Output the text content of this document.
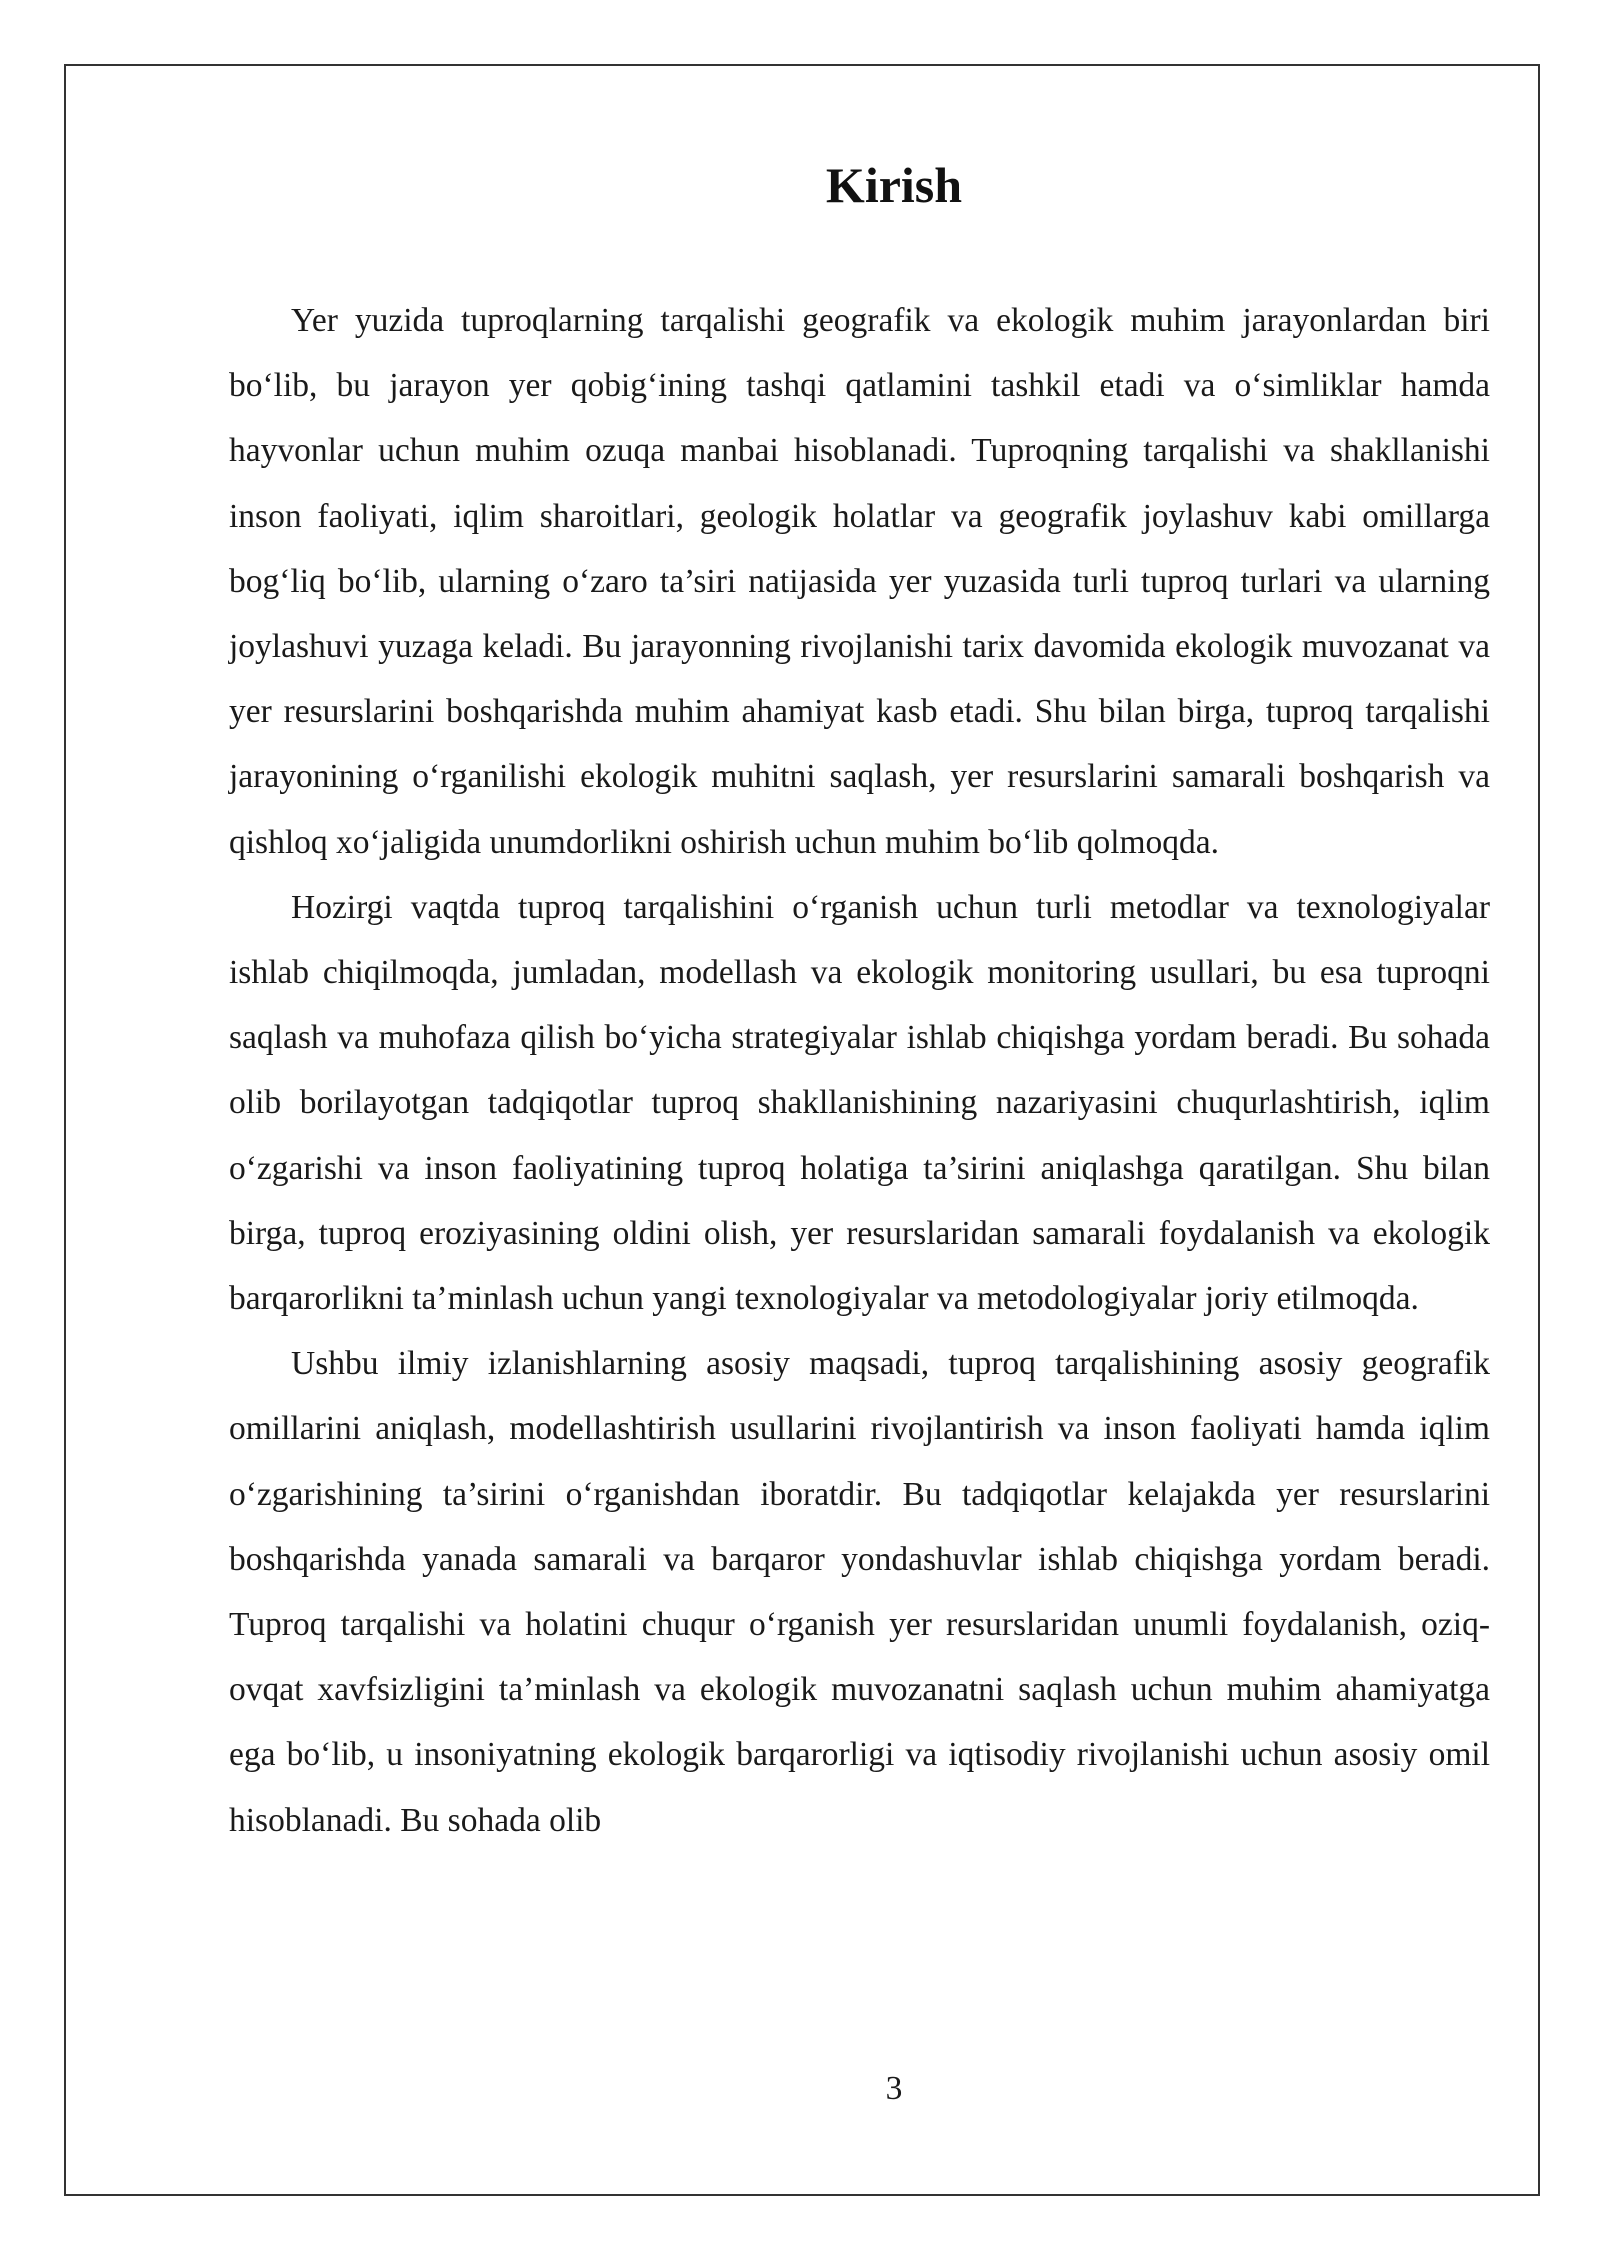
Kirish

Yer yuzida tuproqlarning tarqalishi geografik va ekologik muhim jarayonlardan biri bo‘lib, bu jarayon yer qobig‘ining tashqi qatlamini tashkil etadi va o‘simliklar hamda hayvonlar uchun muhim ozuqa manbai hisoblanadi. Tuproqning tarqalishi va shakllanishi inson faoliyati, iqlim sharoitlari, geologik holatlar va geografik joylashuv kabi omillarga bog‘liq bo‘lib, ularning o‘zaro ta’siri natijasida yer yuzasida turli tuproq turlari va ularning joylashuvi yuzaga keladi. Bu jarayonning rivojlanishi tarix davomida ekologik muvozanat va yer resurslarini boshqarishda muhim ahamiyat kasb etadi. Shu bilan birga, tuproq tarqalishi jarayonining o‘rganilishi ekologik muhitni saqlash, yer resurslarini samarali boshqarish va qishloq xo‘jaligida unumdorlikni oshirish uchun muhim bo‘lib qolmoqda.

Hozirgi vaqtda tuproq tarqalishini o‘rganish uchun turli metodlar va texnologiyalar ishlab chiqilmoqda, jumladan, modellash va ekologik monitoring usullari, bu esa tuproqni saqlash va muhofaza qilish bo‘yicha strategiyalar ishlab chiqishga yordam beradi. Bu sohada olib borilayotgan tadqiqotlar tuproq shakllanishining nazariyasini chuqurlashtirish, iqlim o‘zgarishi va inson faoliyatining tuproq holatiga ta’sirini aniqlashga qaratilgan. Shu bilan birga, tuproq eroziyasining oldini olish, yer resurslaridan samarali foydalanish va ekologik barqarorlikni ta’minlash uchun yangi texnologiyalar va metodologiyalar joriy etilmoqda.

Ushbu ilmiy izlanishlarning asosiy maqsadi, tuproq tarqalishining asosiy geografik omillarini aniqlash, modellashtirish usullarini rivojlantirish va inson faoliyati hamda iqlim o‘zgarishining ta’sirini o‘rganishdan iboratdir. Bu tadqiqotlar kelajakda yer resurslarini boshqarishda yanada samarali va barqaror yondashuvlar ishlab chiqishga yordam beradi. Tuproq tarqalishi va holatini chuqur o‘rganish yer resurslaridan unumli foydalanish, oziq-ovqat xavfsizligini ta’minlash va ekologik muvozanatni saqlash uchun muhim ahamiyatga ega bo‘lib, u insoniyatning ekologik barqarorligi va iqtisodiy rivojlanishi uchun asosiy omil hisoblanadi. Bu sohada olib

3
